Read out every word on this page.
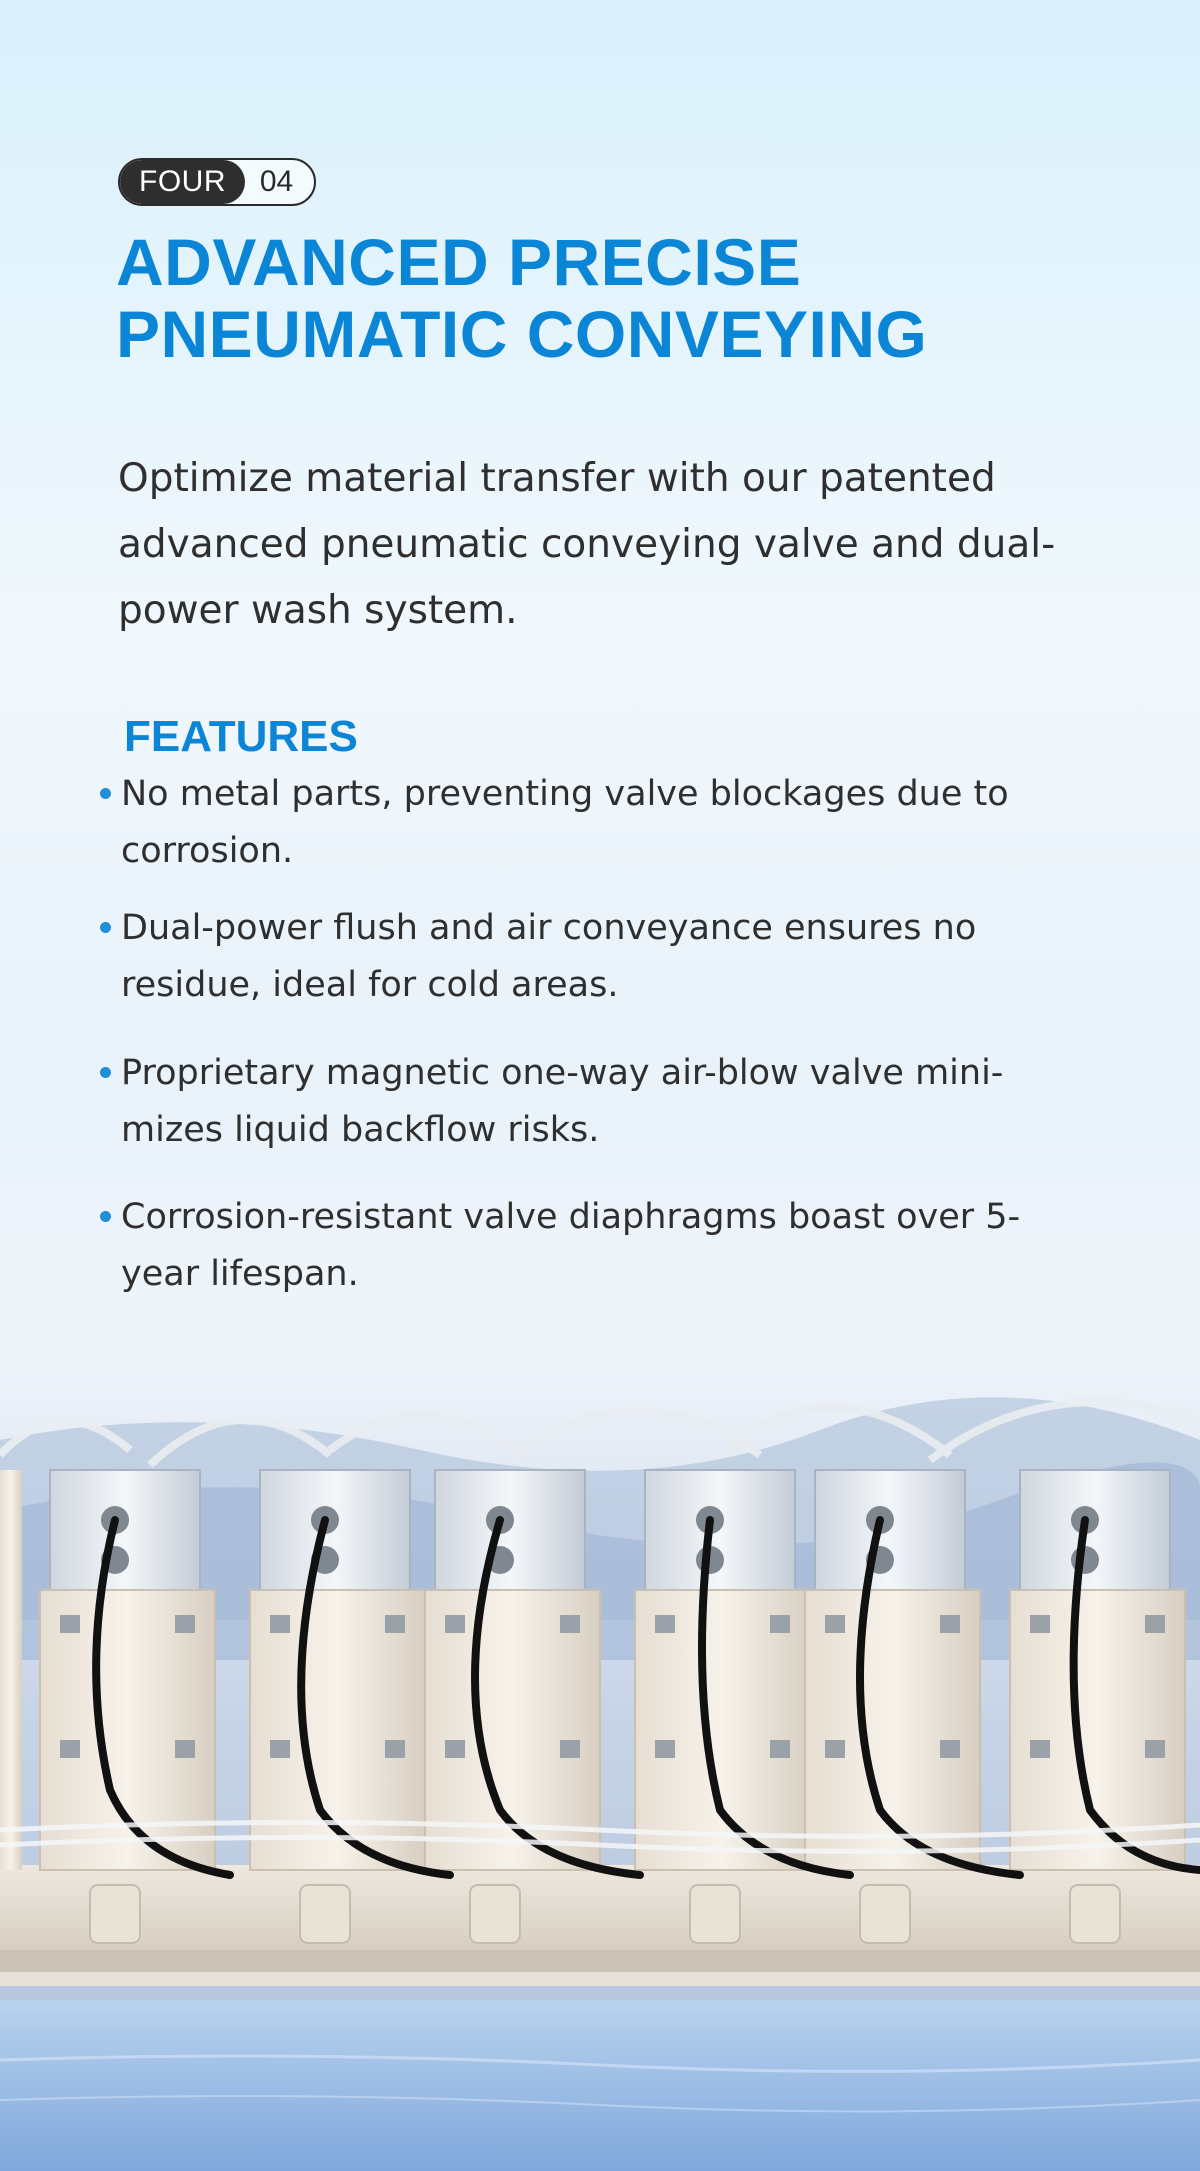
FOUR	04
ADVANCED PRECISE
PNEUMATIC CONVEYING

Optimize material transfer with our patented advanced pneumatic conveying valve and dual-power wash system.

FEATURES
No metal parts, preventing valve blockages due to corrosion.
Dual-power flush and air conveyance ensures no residue, ideal for cold areas.
Proprietary magnetic one-way air-blow valve mini-mizes liquid backflow risks.
Corrosion-resistant valve diaphragms boast over 5-year lifespan.
